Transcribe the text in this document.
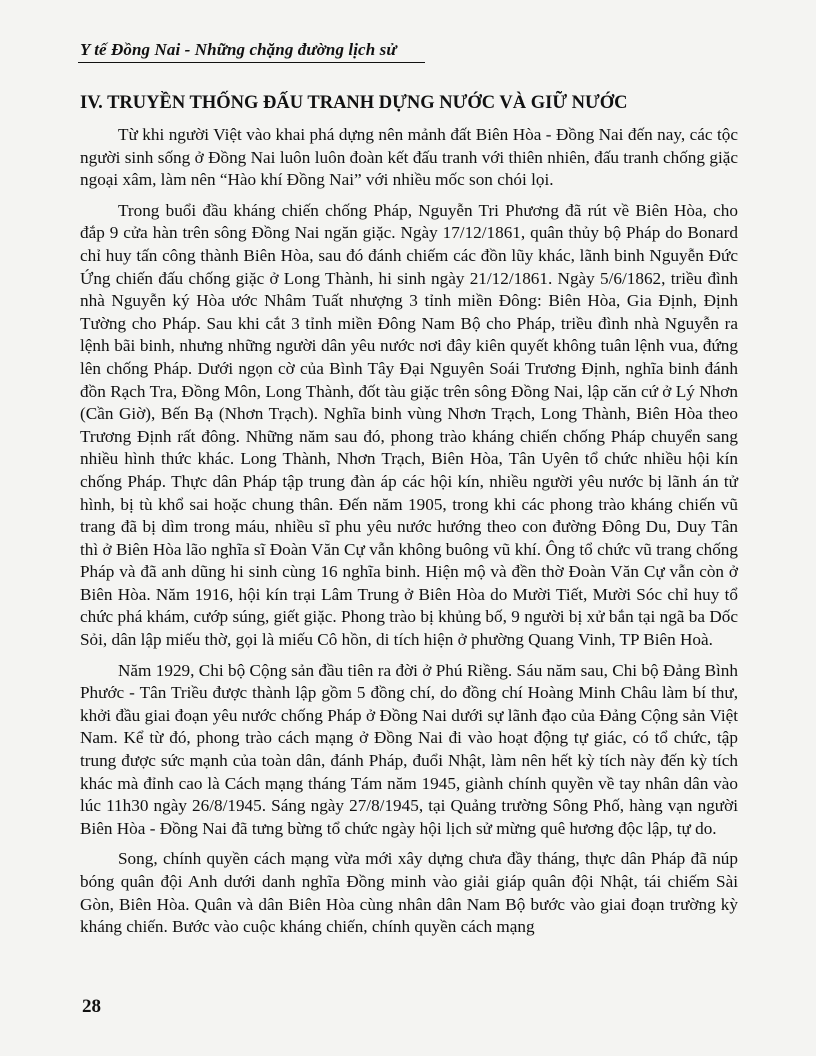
Y tế Đồng Nai - Những chặng đường lịch sử
IV. TRUYỀN THỐNG ĐẤU TRANH DỰNG NƯỚC VÀ GIỮ NƯỚC

Từ khi người Việt vào khai phá dựng nên mảnh đất Biên Hòa - Đồng Nai đến nay, các tộc người sinh sống ở Đồng Nai luôn luôn đoàn kết đấu tranh với thiên nhiên, đấu tranh chống giặc ngoại xâm, làm nên “Hào khí Đồng Nai” với nhiều mốc son chói lọi.

Trong buổi đầu kháng chiến chống Pháp, Nguyễn Tri Phương đã rút về Biên Hòa, cho đắp 9 cửa hàn trên sông Đồng Nai ngăn giặc. Ngày 17/12/1861, quân thủy bộ Pháp do Bonard chỉ huy tấn công thành Biên Hòa, sau đó đánh chiếm các đồn lũy khác, lãnh binh Nguyễn Đức Ứng chiến đấu chống giặc ở Long Thành, hi sinh ngày 21/12/1861. Ngày 5/6/1862, triều đình nhà Nguyễn ký Hòa ước Nhâm Tuất nhượng 3 tỉnh miền Đông: Biên Hòa, Gia Định, Định Tường cho Pháp. Sau khi cắt 3 tỉnh miền Đông Nam Bộ cho Pháp, triều đình nhà Nguyễn ra lệnh bãi binh, nhưng những người dân yêu nước nơi đây kiên quyết không tuân lệnh vua, đứng lên chống Pháp. Dưới ngọn cờ của Bình Tây Đại Nguyên Soái Trương Định, nghĩa binh đánh đồn Rạch Tra, Đồng Môn, Long Thành, đốt tàu giặc trên sông Đồng Nai, lập căn cứ ở Lý Nhơn (Cần Giờ), Bến Bạ (Nhơn Trạch). Nghĩa binh vùng Nhơn Trạch, Long Thành, Biên Hòa theo Trương Định rất đông. Những năm sau đó, phong trào kháng chiến chống Pháp chuyển sang nhiều hình thức khác. Long Thành, Nhơn Trạch, Biên Hòa, Tân Uyên tổ chức nhiều hội kín chống Pháp. Thực dân Pháp tập trung đàn áp các hội kín, nhiều người yêu nước bị lãnh án tử hình, bị tù khổ sai hoặc chung thân. Đến năm 1905, trong khi các phong trào kháng chiến vũ trang đã bị dìm trong máu, nhiều sĩ phu yêu nước hướng theo con đường Đông Du, Duy Tân thì ở Biên Hòa lão nghĩa sĩ Đoàn Văn Cự vẫn không buông vũ khí. Ông tổ chức vũ trang chống Pháp và đã anh dũng hi sinh cùng 16 nghĩa binh. Hiện mộ và đền thờ Đoàn Văn Cự vẫn còn ở Biên Hòa. Năm 1916, hội kín trại Lâm Trung ở Biên Hòa do Mười Tiết, Mười Sóc chỉ huy tổ chức phá khám, cướp súng, giết giặc. Phong trào bị khủng bố, 9 người bị xử bắn tại ngã ba Dốc Sỏi, dân lập miếu thờ, gọi là miếu Cô hồn, di tích hiện ở phường Quang Vinh, TP Biên Hoà.

Năm 1929, Chi bộ Cộng sản đầu tiên ra đời ở Phú Riềng. Sáu năm sau, Chi bộ Đảng Bình Phước - Tân Triều được thành lập gồm 5 đồng chí, do đồng chí Hoàng Minh Châu làm bí thư, khởi đầu giai đoạn yêu nước chống Pháp ở Đồng Nai dưới sự lãnh đạo của Đảng Cộng sản Việt Nam. Kể từ đó, phong trào cách mạng ở Đồng Nai đi vào hoạt động tự giác, có tổ chức, tập trung được sức mạnh của toàn dân, đánh Pháp, đuổi Nhật, làm nên hết kỳ tích này đến kỳ tích khác mà đỉnh cao là Cách mạng tháng Tám năm 1945, giành chính quyền về tay nhân dân vào lúc 11h30 ngày 26/8/1945. Sáng ngày 27/8/1945, tại Quảng trường Sông Phố, hàng vạn người Biên Hòa - Đồng Nai đã tưng bừng tổ chức ngày hội lịch sử mừng quê hương độc lập, tự do.

Song, chính quyền cách mạng vừa mới xây dựng chưa đầy tháng, thực dân Pháp đã núp bóng quân đội Anh dưới danh nghĩa Đồng minh vào giải giáp quân đội Nhật, tái chiếm Sài Gòn, Biên Hòa. Quân và dân Biên Hòa cùng nhân dân Nam Bộ bước vào giai đoạn trường kỳ kháng chiến. Bước vào cuộc kháng chiến, chính quyền cách mạng

28
